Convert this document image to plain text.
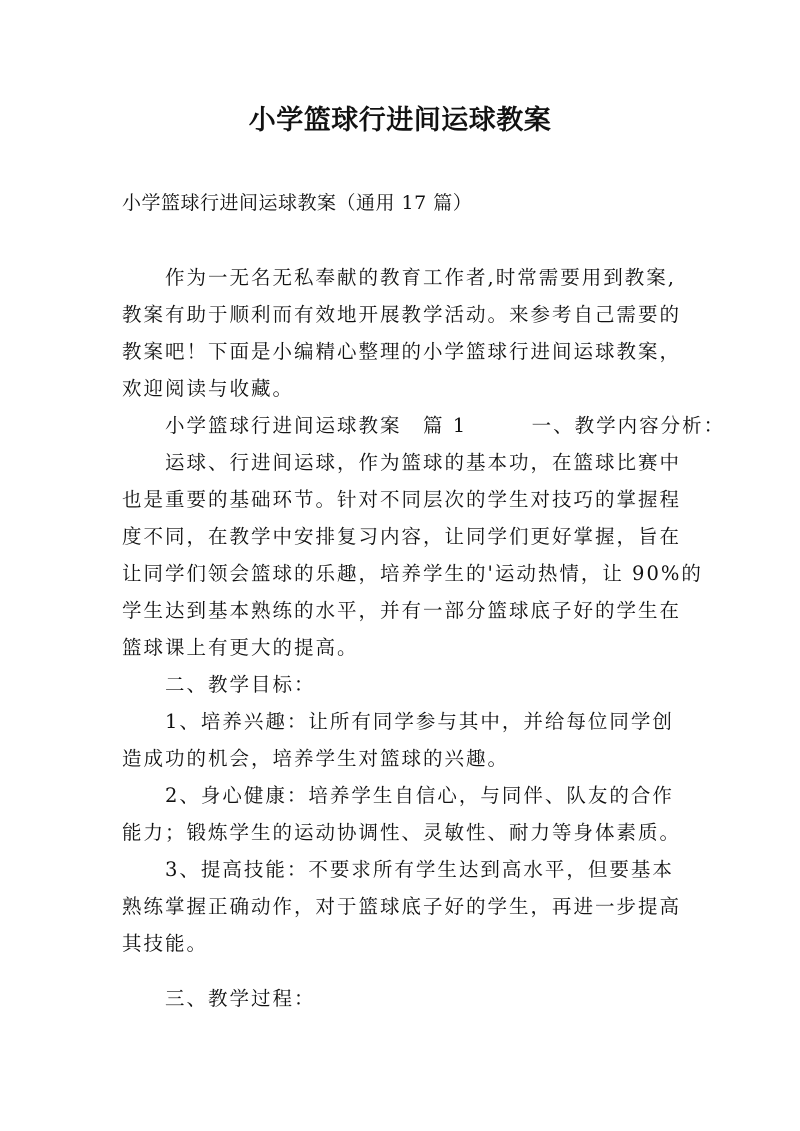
小学篮球行进间运球教案
小学篮球行进间运球教案（通用 17 篇）
　　作为一无名无私奉献的教育工作者,时常需要用到教案,
教案有助于顺利而有效地开展教学活动。来参考自己需要的
教案吧！下面是小编精心整理的小学篮球行进间运球教案，
欢迎阅读与收藏。
　　小学篮球行进间运球教案　篇 1　　　一、教学内容分析：
　　运球、行进间运球，作为篮球的基本功，在篮球比赛中
也是重要的基础环节。针对不同层次的学生对技巧的掌握程
度不同，在教学中安排复习内容，让同学们更好掌握，旨在
让同学们领会篮球的乐趣，培养学生的'运动热情，让 90%的
学生达到基本熟练的水平，并有一部分篮球底子好的学生在
篮球课上有更大的提高。
　　二、教学目标：
　　1、培养兴趣：让所有同学参与其中，并给每位同学创
造成功的机会，培养学生对篮球的兴趣。
　　2、身心健康：培养学生自信心，与同伴、队友的合作
能力；锻炼学生的运动协调性、灵敏性、耐力等身体素质。
　　3、提高技能：不要求所有学生达到高水平，但要基本
熟练掌握正确动作，对于篮球底子好的学生，再进一步提高
其技能。
　　三、教学过程：
